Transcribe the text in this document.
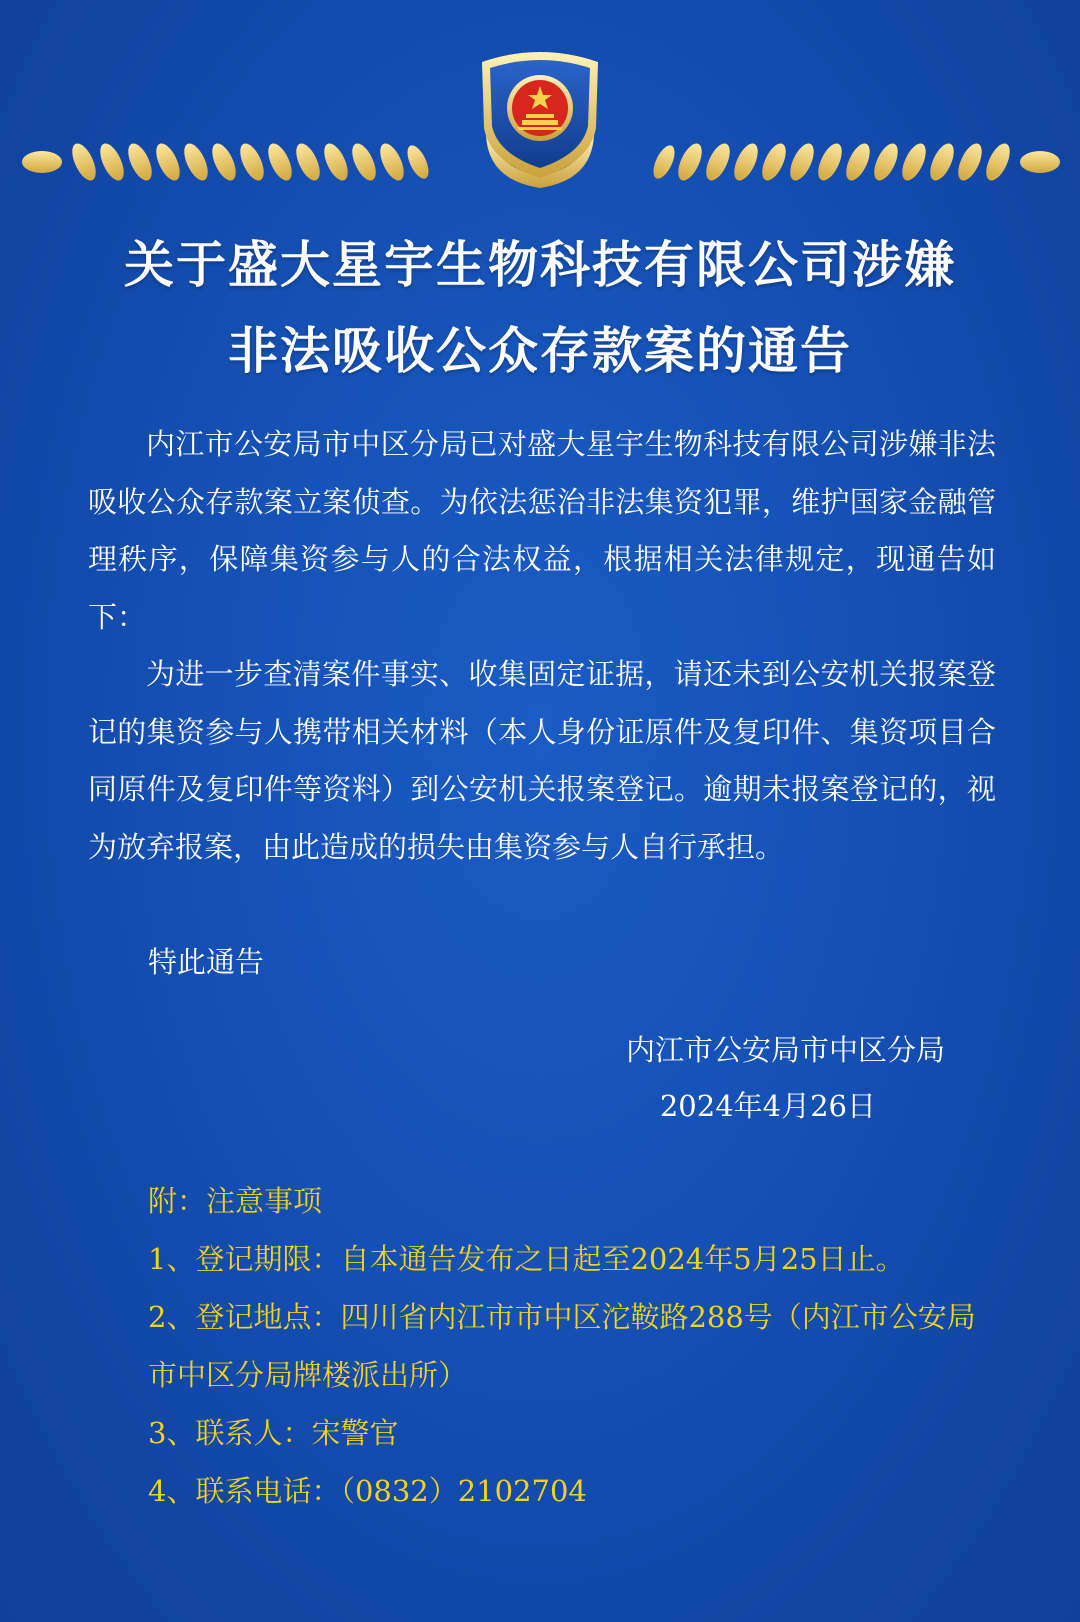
关于盛大星宇生物科技有限公司涉嫌
非法吸收公众存款案的通告

内江市公安局市中区分局已对盛大星宇生物科技有限公司涉嫌非法吸收公众存款案立案侦查。为依法惩治非法集资犯罪，维护国家金融管理秩序，保障集资参与人的合法权益，根据相关法律规定，现通告如下：

为进一步查清案件事实、收集固定证据，请还未到公安机关报案登记的集资参与人携带相关材料（本人身份证原件及复印件、集资项目合同原件及复印件等资料）到公安机关报案登记。逾期未报案登记的，视为放弃报案，由此造成的损失由集资参与人自行承担。

特此通告
内江市公安局市中区分局
2024年4月26日

附：注意事项

1、登记期限：自本通告发布之日起至2024年5月25日止。

2、登记地点：四川省内江市市中区沱鞍路288号（内江市公安局市中区分局牌楼派出所）

3、联系人：宋警官

4、联系电话：（0832）2102704
